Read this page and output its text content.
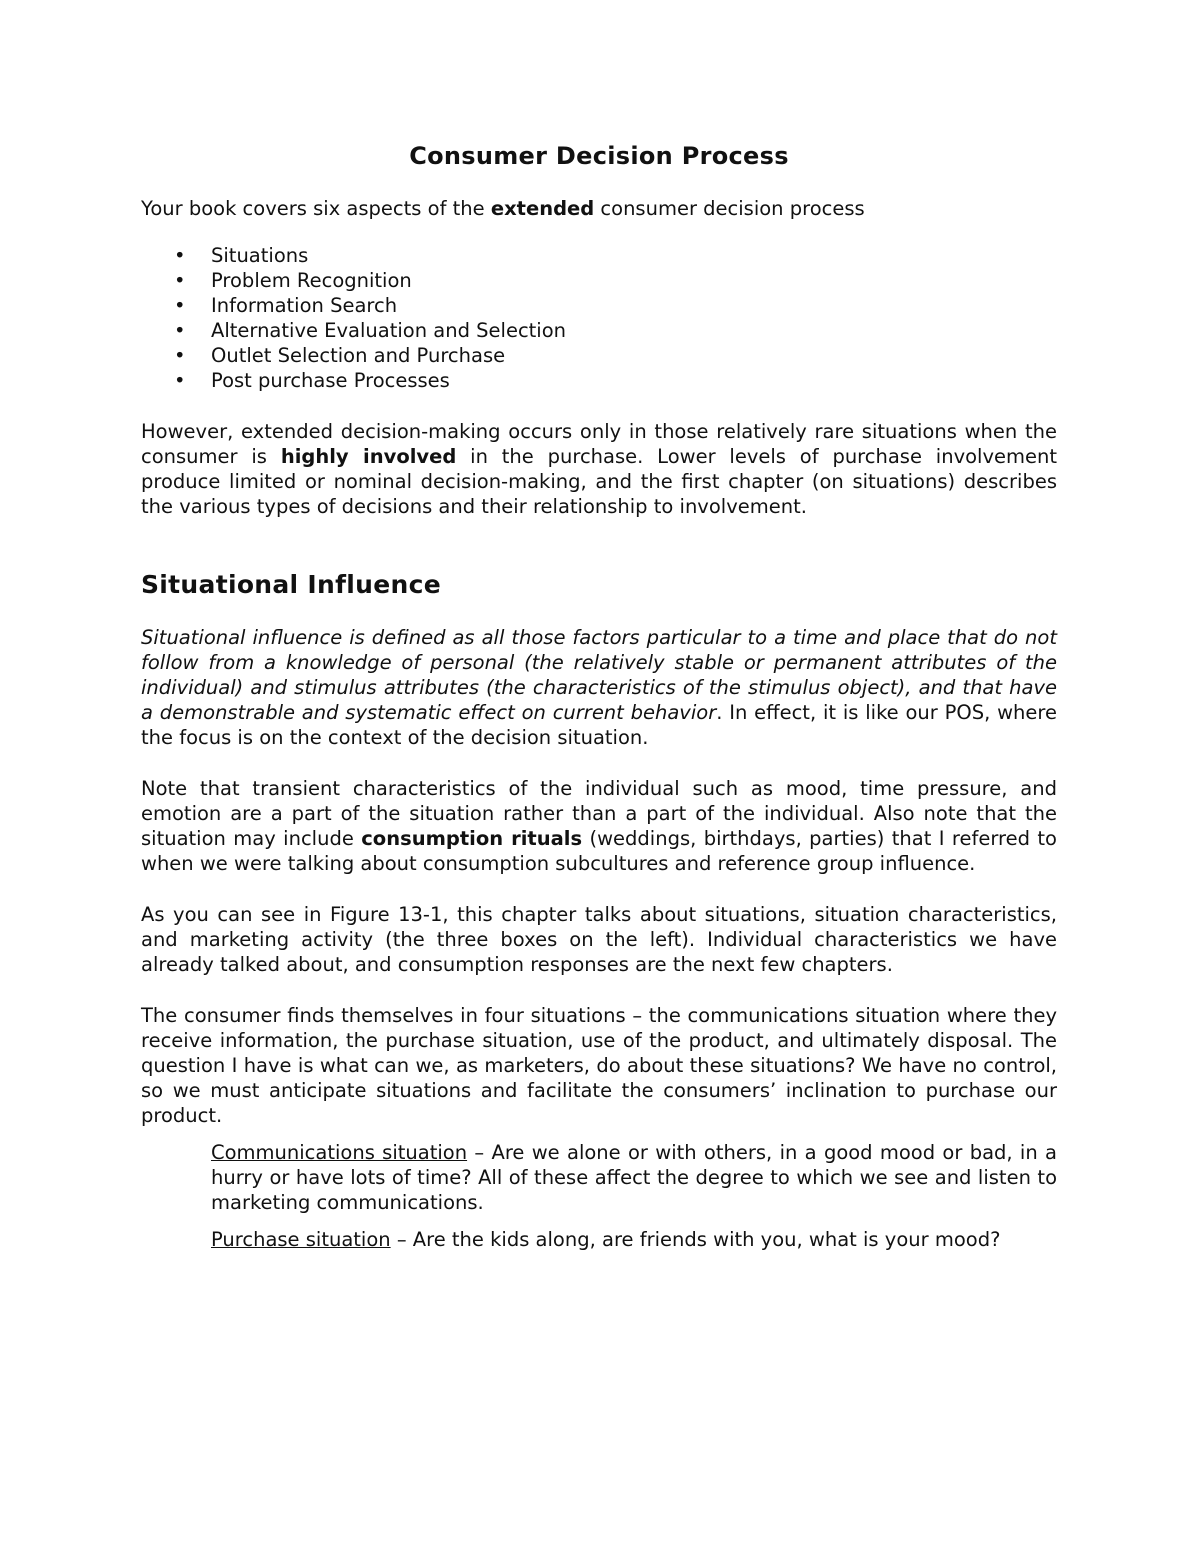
Consumer Decision Process

Your book covers six aspects of the extended consumer decision process

• Situations
• Problem Recognition
• Information Search
• Alternative Evaluation and Selection
• Outlet Selection and Purchase
• Post purchase Processes

However, extended decision-making occurs only in those relatively rare situations when the consumer is highly involved in the purchase. Lower levels of purchase involvement produce limited or nominal decision-making, and the first chapter (on situations) describes the various types of decisions and their relationship to involvement.

Situational Influence

Situational influence is defined as all those factors particular to a time and place that do not follow from a knowledge of personal (the relatively stable or permanent attributes of the individual) and stimulus attributes (the characteristics of the stimulus object), and that have a demonstrable and systematic effect on current behavior. In effect, it is like our POS, where the focus is on the context of the decision situation.

Note that transient characteristics of the individual such as mood, time pressure, and emotion are a part of the situation rather than a part of the individual. Also note that the situation may include consumption rituals (weddings, birthdays, parties) that I referred to when we were talking about consumption subcultures and reference group influence.

As you can see in Figure 13-1, this chapter talks about situations, situation characteristics, and marketing activity (the three boxes on the left). Individual characteristics we have already talked about, and consumption responses are the next few chapters.

The consumer finds themselves in four situations – the communications situation where they receive information, the purchase situation, use of the product, and ultimately disposal. The question I have is what can we, as marketers, do about these situations? We have no control, so we must anticipate situations and facilitate the consumers’ inclination to purchase our product.

Communications situation – Are we alone or with others, in a good mood or bad, in a hurry or have lots of time? All of these affect the degree to which we see and listen to marketing communications.

Purchase situation – Are the kids along, are friends with you, what is your mood?
